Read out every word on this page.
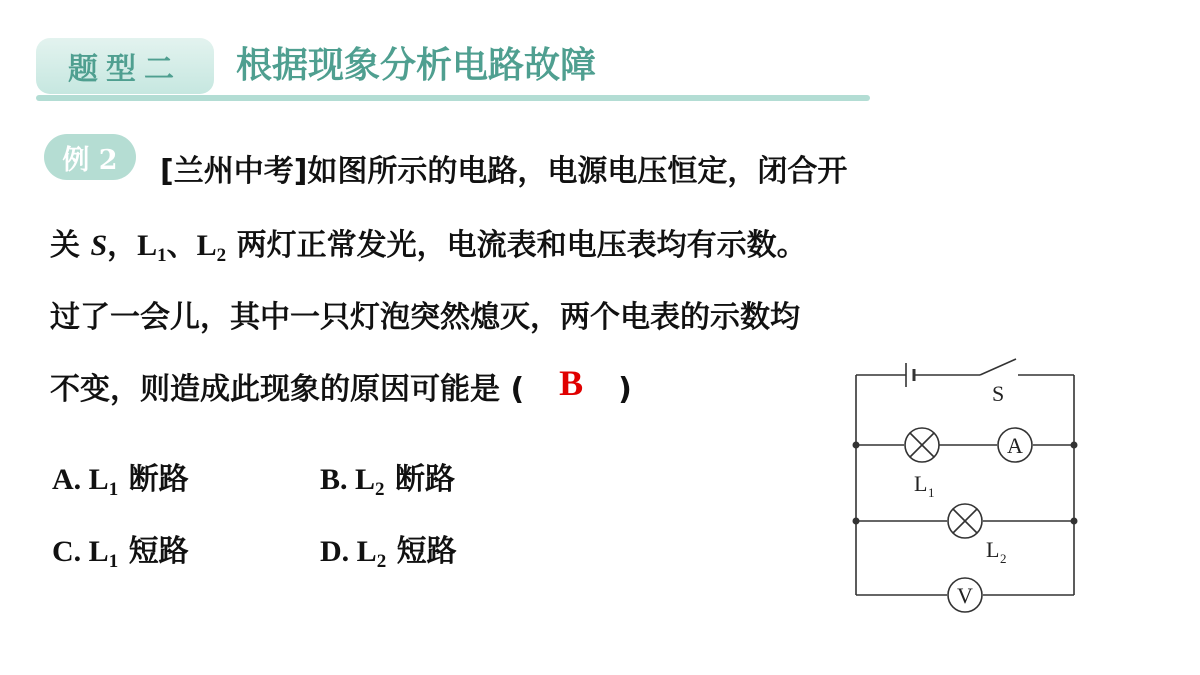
题型二	根据现象分析电路故障
例 2	[兰州中考]如图所示的电路，电源电压恒定，闭合开
关 S，$L_1$、$L_2$ 两灯正常发光，电流表和电压表均有示数。
过了一会儿，其中一只灯泡突然熄灭，两个电表的示数均
不变，则造成此现象的原因可能是 ( B )
A. $L_1$ 断路	B. $L_2$ 断路
C. $L_1$ 短路	D. $L_2$ 短路
S
A
V
L 1
L 2
